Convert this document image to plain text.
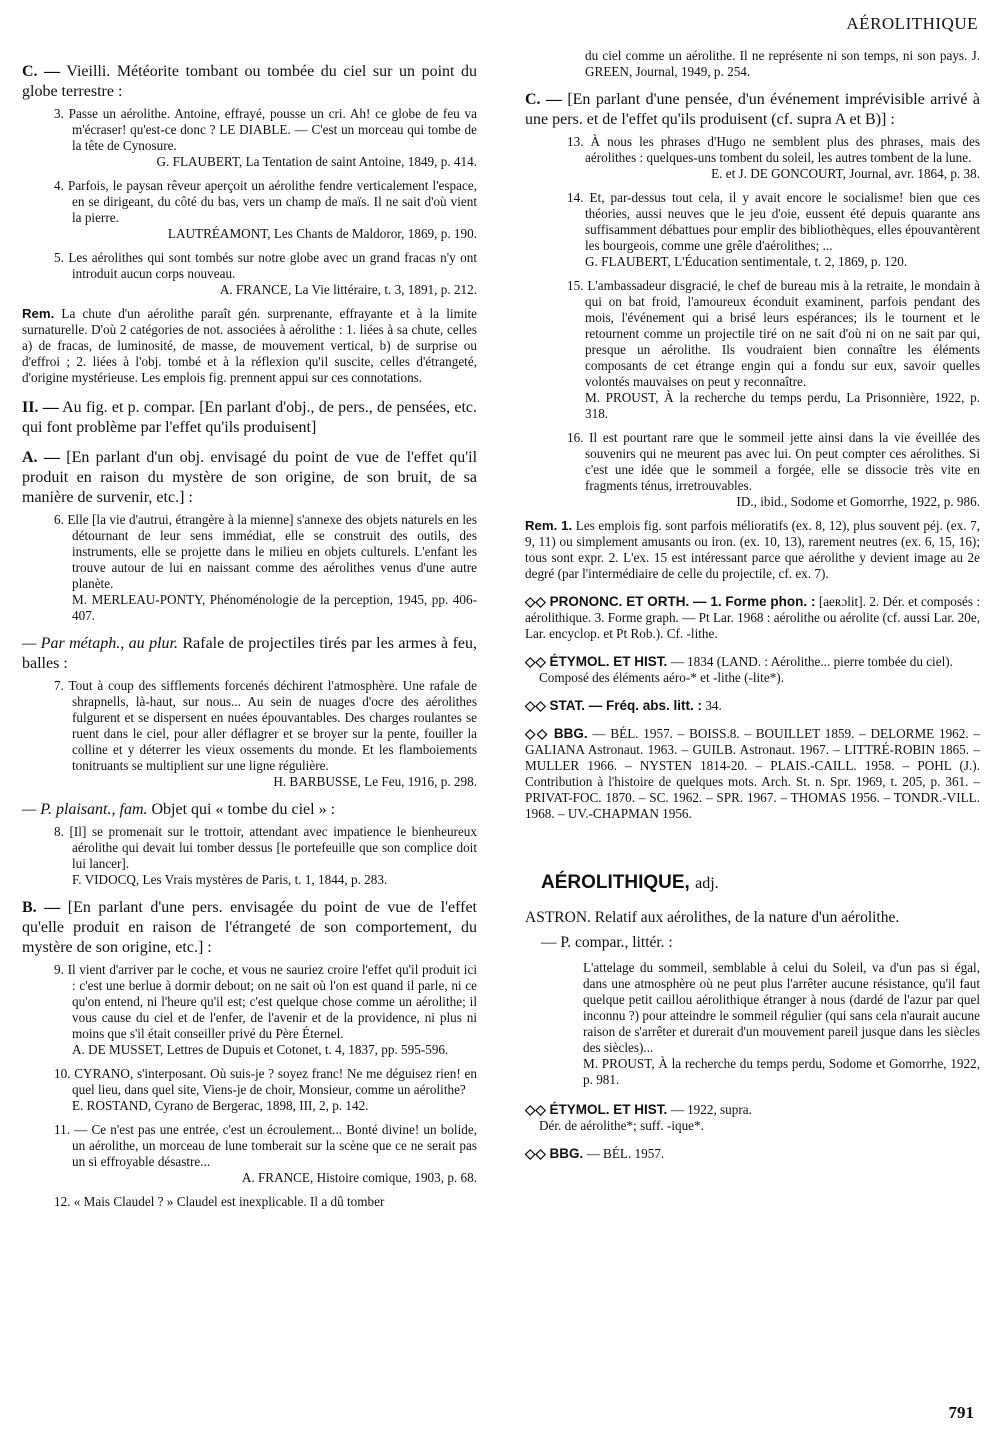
AÉROLITHIQUE

C. — Vieilli. Météorite tombant ou tombée du ciel sur un point du globe terrestre :

3. Passe un aérolithe. Antoine, effrayé, pousse un cri. Ah! ce globe de feu va m'écraser! qu'est-ce donc ? LE DIABLE. — C'est un morceau qui tombe de la tête de Cynosure.
G. FLAUBERT, La Tentation de saint Antoine, 1849, p. 414.

4. Parfois, le paysan rêveur aperçoit un aérolithe fendre verticalement l'espace, en se dirigeant, du côté du bas, vers un champ de maïs. Il ne sait d'où vient la pierre.
LAUTRÉAMONT, Les Chants de Maldoror, 1869, p. 190.

5. Les aérolithes qui sont tombés sur notre globe avec un grand fracas n'y ont introduit aucun corps nouveau.
A. FRANCE, La Vie littéraire, t. 3, 1891, p. 212.

Rem. La chute d'un aérolithe paraît gén. surprenante, effrayante et à la limite surnaturelle. D'où 2 catégories de not. associées à aérolithe : 1. liées à sa chute, celles a) de fracas, de luminosité, de masse, de mouvement vertical, b) de surprise ou d'effroi ; 2. liées à l'obj. tombé et à la réflexion qu'il suscite, celles d'étrangeté, d'origine mystérieuse. Les emplois fig. prennent appui sur ces connotations.

II. — Au fig. et p. compar. [En parlant d'obj., de pers., de pensées, etc. qui font problème par l'effet qu'ils produisent]

A. — [En parlant d'un obj. envisagé du point de vue de l'effet qu'il produit en raison du mystère de son origine, de son bruit, de sa manière de survenir, etc.] :

6. Elle [la vie d'autrui, étrangère à la mienne] s'annexe des objets naturels en les détournant de leur sens immédiat, elle se construit des outils, des instruments, elle se projette dans le milieu en objets culturels. L'enfant les trouve autour de lui en naissant comme des aérolithes venus d'une autre planète.
M. MERLEAU-PONTY, Phénoménologie de la perception, 1945, pp. 406-407.

— Par métaph., au plur. Rafale de projectiles tirés par les armes à feu, balles :

7. Tout à coup des sifflements forcenés déchirent l'atmosphère. Une rafale de shrapnells, là-haut, sur nous... Au sein de nuages d'ocre des aérolithes fulgurent et se dispersent en nuées épouvantables. Des charges roulantes se ruent dans le ciel, pour aller déflagrer et se broyer sur la pente, fouiller la colline et y déterrer les vieux ossements du monde. Et les flamboiements tonitruants se multiplient sur une ligne régulière.
H. BARBUSSE, Le Feu, 1916, p. 298.

— P. plaisant., fam. Objet qui « tombe du ciel » :

8. [Il] se promenait sur le trottoir, attendant avec impatience le bienheureux aérolithe qui devait lui tomber dessus [le portefeuille que son complice doit lui lancer].
F. VIDOCQ, Les Vrais mystères de Paris, t. 1, 1844, p. 283.

B. — [En parlant d'une pers. envisagée du point de vue de l'effet qu'elle produit en raison de l'étrangeté de son comportement, du mystère de son origine, etc.] :

9. Il vient d'arriver par le coche, et vous ne sauriez croire l'effet qu'il produit ici : c'est une berlue à dormir debout; on ne sait où l'on est quand il parle, ni ce qu'on entend, ni l'heure qu'il est; c'est quelque chose comme un aérolithe; il vous cause du ciel et de l'enfer, de l'avenir et de la providence, ni plus ni moins que s'il était conseiller privé du Père Éternel.
A. DE MUSSET, Lettres de Dupuis et Cotonet, t. 4, 1837, pp. 595-596.

10. CYRANO, s'interposant. Où suis-je ? soyez franc! Ne me déguisez rien! en quel lieu, dans quel site, Viens-je de choir, Monsieur, comme un aérolithe?
E. ROSTAND, Cyrano de Bergerac, 1898, III, 2, p. 142.

11. — Ce n'est pas une entrée, c'est un écroulement... Bonté divine! un bolide, un aérolithe, un morceau de lune tomberait sur la scène que ce ne serait pas un si effroyable désastre...
A. FRANCE, Histoire comique, 1903, p. 68.

12. « Mais Claudel ? » Claudel est inexplicable. Il a dû tomber

du ciel comme un aérolithe. Il ne représente ni son temps, ni son pays. J. GREEN, Journal, 1949, p. 254.

C. — [En parlant d'une pensée, d'un événement imprévisible arrivé à une pers. et de l'effet qu'ils produisent (cf. supra A et B)] :

13. À nous les phrases d'Hugo ne semblent plus des phrases, mais des aérolithes : quelques-uns tombent du soleil, les autres tombent de la lune.
E. et J. DE GONCOURT, Journal, avr. 1864, p. 38.

14. Et, par-dessus tout cela, il y avait encore le socialisme! bien que ces théories, aussi neuves que le jeu d'oie, eussent été depuis quarante ans suffisamment débattues pour emplir des bibliothèques, elles épouvantèrent les bourgeois, comme une grêle d'aérolithes; ...
G. FLAUBERT, L'Éducation sentimentale, t. 2, 1869, p. 120.

15. L'ambassadeur disgracié, le chef de bureau mis à la retraite, le mondain à qui on bat froid, l'amoureux éconduit examinent, parfois pendant des mois, l'événement qui a brisé leurs espérances; ils le tournent et le retournent comme un projectile tiré on ne sait d'où ni on ne sait par qui, presque un aérolithe. Ils voudraient bien connaître les éléments composants de cet étrange engin qui a fondu sur eux, savoir quelles volontés mauvaises on peut y reconnaître.
M. PROUST, À la recherche du temps perdu, La Prisonnière, 1922, p. 318.

16. Il est pourtant rare que le sommeil jette ainsi dans la vie éveillée des souvenirs qui ne meurent pas avec lui. On peut compter ces aérolithes. Si c'est une idée que le sommeil a forgée, elle se dissocie très vite en fragments ténus, irretrouvables.
ID., ibid., Sodome et Gomorrhe, 1922, p. 986.

Rem. 1. Les emplois fig. sont parfois mélioratifs (ex. 8, 12), plus souvent péj. (ex. 7, 9, 11) ou simplement amusants ou iron. (ex. 10, 13), rarement neutres (ex. 6, 15, 16); tous sont expr. 2. L'ex. 15 est intéressant parce que aérolithe y devient image au 2e degré (par l'intermédiaire de celle du projectile, cf. ex. 7).

◇◇ PRONONC. ET ORTH. — 1. Forme phon. : [aeʀɔlit]. 2. Dér. et composés : aérolithique. 3. Forme graph. — Pt Lar. 1968 : aérolithe ou aérolite (cf. aussi Lar. 20e, Lar. encyclop. et Pt Rob.). Cf. -lithe.

◇◇ ÉTYMOL. ET HIST. — 1834 (LAND. : Aérolithe... pierre tombée du ciel).
Composé des éléments aéro-* et -lithe (-lite*).

◇◇ STAT. — Fréq. abs. litt. : 34.

◇◇ BBG. — BÉL. 1957. – BOISS.8. – BOUILLET 1859. – DELORME 1962. – GALIANA Astronaut. 1963. – GUILB. Astronaut. 1967. – LITTRÉ-ROBIN 1865. – MULLER 1966. – NYSTEN 1814-20. – PLAIS.-CAILL. 1958. – POHL (J.). Contribution à l'histoire de quelques mots. Arch. St. n. Spr. 1969, t. 205, p. 361. – PRIVAT-FOC. 1870. – SC. 1962. – SPR. 1967. – THOMAS 1956. – TONDR.-VILL. 1968. – UV.-CHAPMAN 1956.

AÉROLITHIQUE, adj.

ASTRON. Relatif aux aérolithes, de la nature d'un aérolithe.

— P. compar., littér. :

L'attelage du sommeil, semblable à celui du Soleil, va d'un pas si égal, dans une atmosphère où ne peut plus l'arrêter aucune résistance, qu'il faut quelque petit caillou aérolithique étranger à nous (dardé de l'azur par quel inconnu ?) pour atteindre le sommeil régulier (qui sans cela n'aurait aucune raison de s'arrêter et durerait d'un mouvement pareil jusque dans les siècles des siècles)...
M. PROUST, À la recherche du temps perdu, Sodome et Gomorrhe, 1922, p. 981.

◇◇ ÉTYMOL. ET HIST. — 1922, supra.
Dér. de aérolithe*; suff. -ique*.

◇◇ BBG. — BÉL. 1957.

791
